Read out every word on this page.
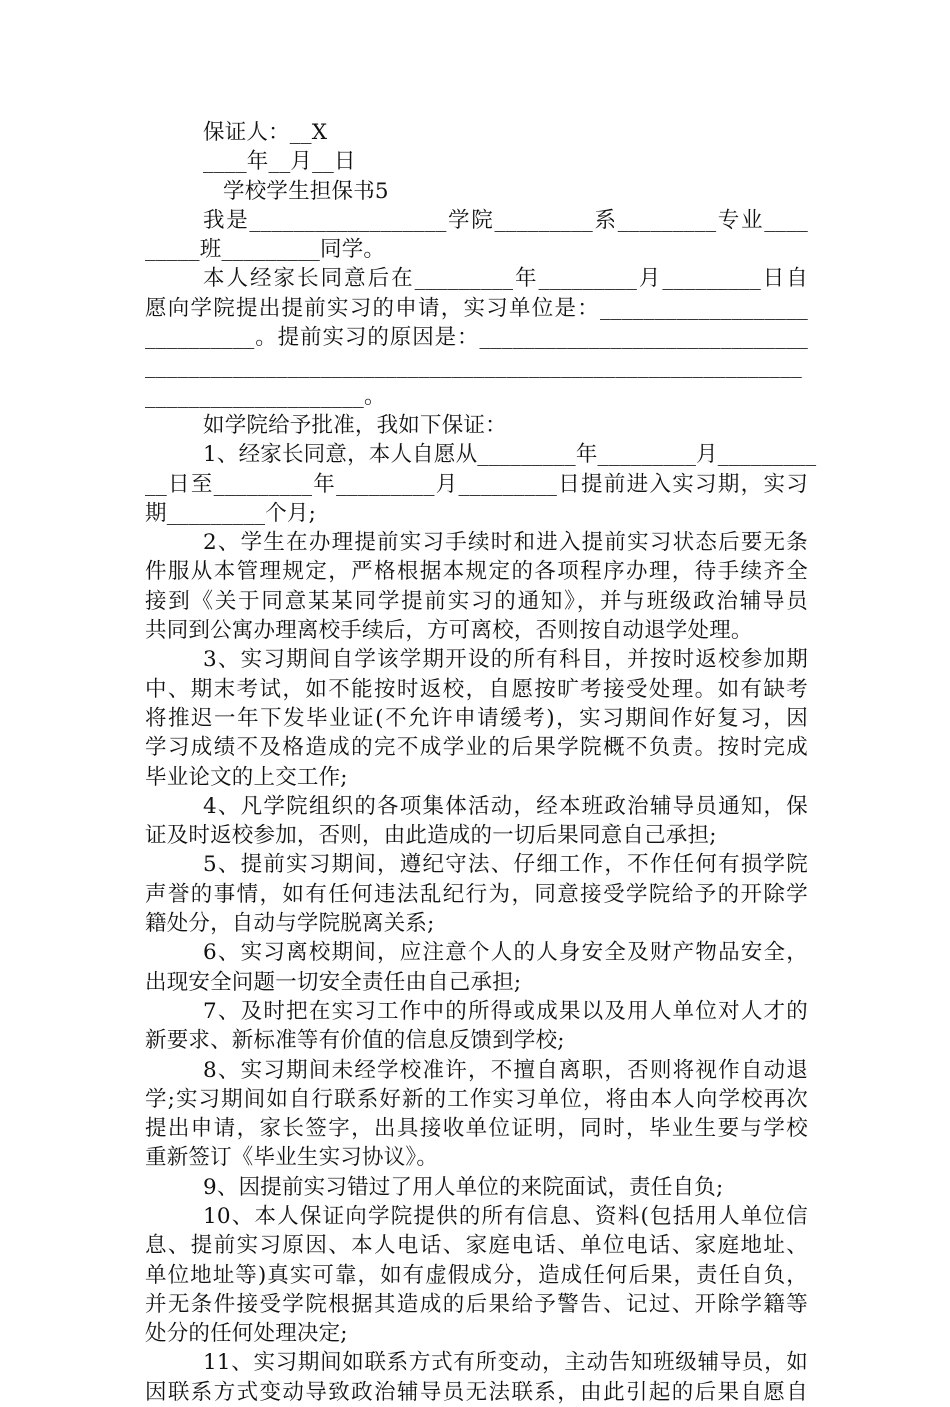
保证人：__X
____年__月__日
学校学生担保书5
我是__________________学院_________系_________专业____
_____班_________同学。
本人经家长同意后在_________年_________月_________日自
愿向学院提出提前实习的申请，实习单位是：___________________
__________。提前实习的原因是：______________________________
____________________________________________________________
____________________。
如学院给予批准，我如下保证：
1、经家长同意，本人自愿从_________年_________月_________
__日至_________年_________月_________日提前进入实习期，实习
期_________个月;
2、学生在办理提前实习手续时和进入提前实习状态后要无条
件服从本管理规定，严格根据本规定的各项程序办理，待手续齐全
接到《关于同意某某同学提前实习的通知》，并与班级政治辅导员
共同到公寓办理离校手续后，方可离校，否则按自动退学处理。
3、实习期间自学该学期开设的所有科目，并按时返校参加期
中、期末考试，如不能按时返校，自愿按旷考接受处理。如有缺考
将推迟一年下发毕业证(不允许申请缓考)，实习期间作好复习，因
学习成绩不及格造成的完不成学业的后果学院概不负责。按时完成
毕业论文的上交工作;
4、凡学院组织的各项集体活动，经本班政治辅导员通知，保
证及时返校参加，否则，由此造成的一切后果同意自己承担;
5、提前实习期间，遵纪守法、仔细工作，不作任何有损学院
声誉的事情，如有任何违法乱纪行为，同意接受学院给予的开除学
籍处分，自动与学院脱离关系;
6、实习离校期间，应注意个人的人身安全及财产物品安全，
出现安全问题一切安全责任由自己承担;
7、及时把在实习工作中的所得或成果以及用人单位对人才的
新要求、新标准等有价值的信息反馈到学校;
8、实习期间未经学校准许，不擅自离职，否则将视作自动退
学;实习期间如自行联系好新的工作实习单位，将由本人向学校再次
提出申请，家长签字，出具接收单位证明，同时，毕业生要与学校
重新签订《毕业生实习协议》。
9、因提前实习错过了用人单位的来院面试，责任自负;
10、本人保证向学院提供的所有信息、资料(包括用人单位信
息、提前实习原因、本人电话、家庭电话、单位电话、家庭地址、
单位地址等)真实可靠，如有虚假成分，造成任何后果，责任自负，
并无条件接受学院根据其造成的后果给予警告、记过、开除学籍等
处分的任何处理决定;
11、实习期间如联系方式有所变动，主动告知班级辅导员，如
因联系方式变动导致政治辅导员无法联系，由此引起的后果自愿自
